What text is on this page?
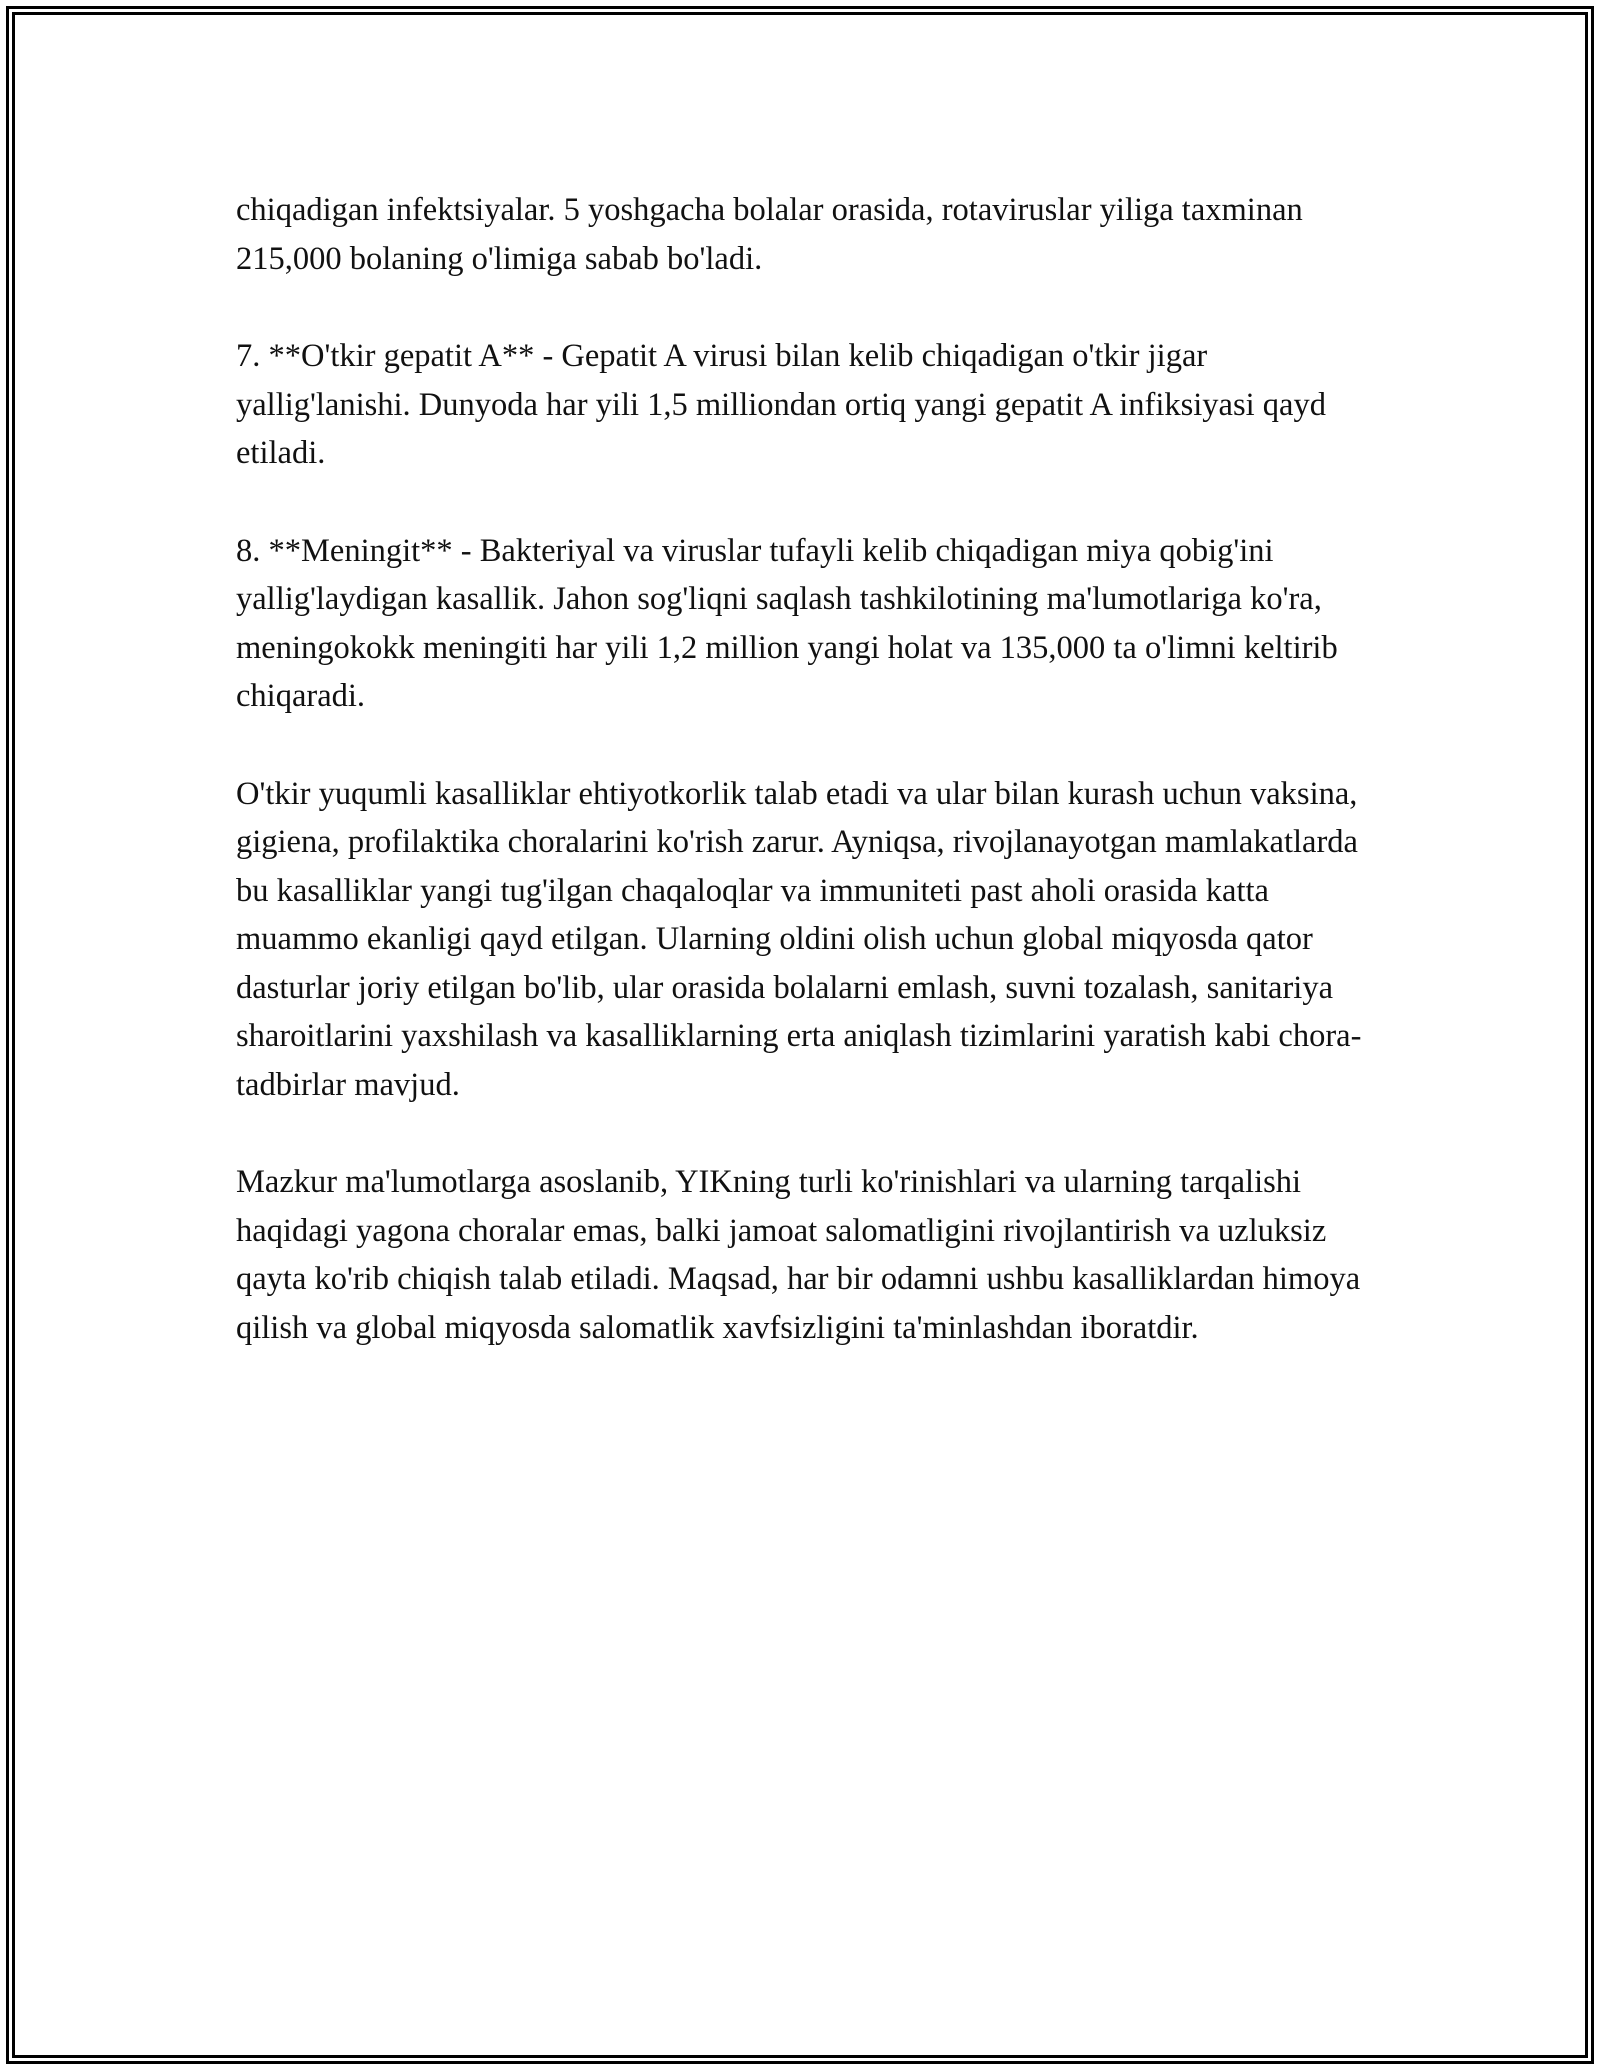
chiqadigan infektsiyalar. 5 yoshgacha bolalar orasida, rotaviruslar yiliga taxminan 215,000 bolaning o'limiga sabab bo'ladi.

7. **O'tkir gepatit A** - Gepatit A virusi bilan kelib chiqadigan o'tkir jigar yallig'lanishi. Dunyoda har yili 1,5 milliondan ortiq yangi gepatit A infiksiyasi qayd etiladi.

8. **Meningit** - Bakteriyal va viruslar tufayli kelib chiqadigan miya qobig'ini yallig'laydigan kasallik. Jahon sog'liqni saqlash tashkilotining ma'lumotlariga ko'ra, meningokokk meningiti har yili 1,2 million yangi holat va 135,000 ta o'limni keltirib chiqaradi.

O'tkir yuqumli kasalliklar ehtiyotkorlik talab etadi va ular bilan kurash uchun vaksina, gigiena, profilaktika choralarini ko'rish zarur. Ayniqsa, rivojlanayotgan mamlakatlarda bu kasalliklar yangi tug'ilgan chaqaloqlar va immuniteti past aholi orasida katta muammo ekanligi qayd etilgan. Ularning oldini olish uchun global miqyosda qator dasturlar joriy etilgan bo'lib, ular orasida bolalarni emlash, suvni tozalash, sanitariya sharoitlarini yaxshilash va kasalliklarning erta aniqlash tizimlarini yaratish kabi chora-tadbirlar mavjud.

Mazkur ma'lumotlarga asoslanib, YIKning turli ko'rinishlari va ularning tarqalishi haqidagi yagona choralar emas, balki jamoat salomatligini rivojlantirish va uzluksiz qayta ko'rib chiqish talab etiladi. Maqsad, har bir odamni ushbu kasalliklardan himoya qilish va global miqyosda salomatlik xavfsizligini ta'minlashdan iboratdir.
